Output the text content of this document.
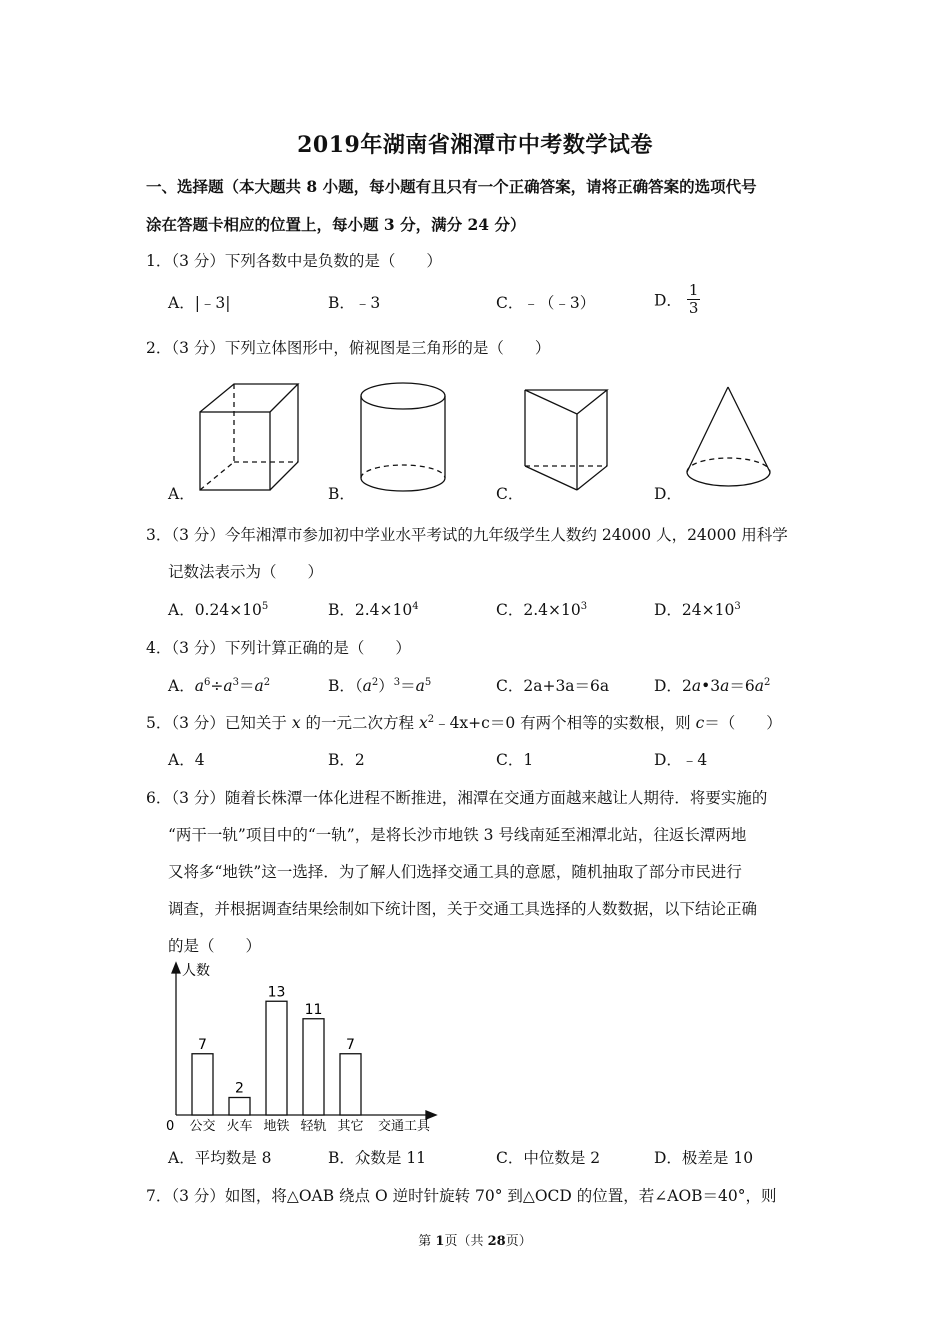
2019年湖南省湘潭市中考数学试卷
一、选择题（本大题共 8 小题，每小题有且只有一个正确答案，请将正确答案的选项代号
涂在答题卡相应的位置上，每小题 3 分，满分 24 分）
1．（3 分）下列各数中是负数的是（　　）
A．|﹣3|	B．﹣3	C．﹣（﹣3）	D． $\frac{1}{3}$
2．（3 分）下列立体图形中，俯视图是三角形的是（　　）
A．	B．	C．	D．
3．（3 分）今年湘潭市参加初中学业水平考试的九年级学生人数约 24000 人，24000 用科学
记数法表示为（　　）
A．$0.24\times 10^5$	B．$2.4\times 10^4$	C．$2.4\times 10^3$	D．$24\times 10^3$
4．（3 分）下列计算正确的是（　　）
A．$a^6\div a^3=a^2$	B．$(a^2)^3=a^5$	C．2a+3a＝6a	D．$2a•3a=6a^2$
5．（3 分）已知关于 x 的一元二次方程 $x^2﹣4x+c=0$ 有两个相等的实数根，则 c＝（　　）
A．4	B．2	C．1	D．﹣4
6．（3 分）随着长株潭一体化进程不断推进，湘潭在交通方面越来越让人期待．将要实施的
“两干一轨”项目中的“一轨”，是将长沙市地铁 3 号线南延至湘潭北站，往返长潭两地
又将多“地铁”这一选择．为了解人们选择交通工具的意愿，随机抽取了部分市民进行
调查，并根据调查结果绘制如下统计图，关于交通工具选择的人数数据，以下结论正确
的是（　　）
人数
0	交通工具
7
公交
2
火车
13
地铁
11
轻轨
7
其它
A．平均数是 8	B．众数是 11	C．中位数是 2	D．极差是 10
7．（3 分）如图，将△OAB 绕点 O 逆时针旋转 70° 到△OCD 的位置，若∠AOB＝40°，则
第 1页（共 28页）
